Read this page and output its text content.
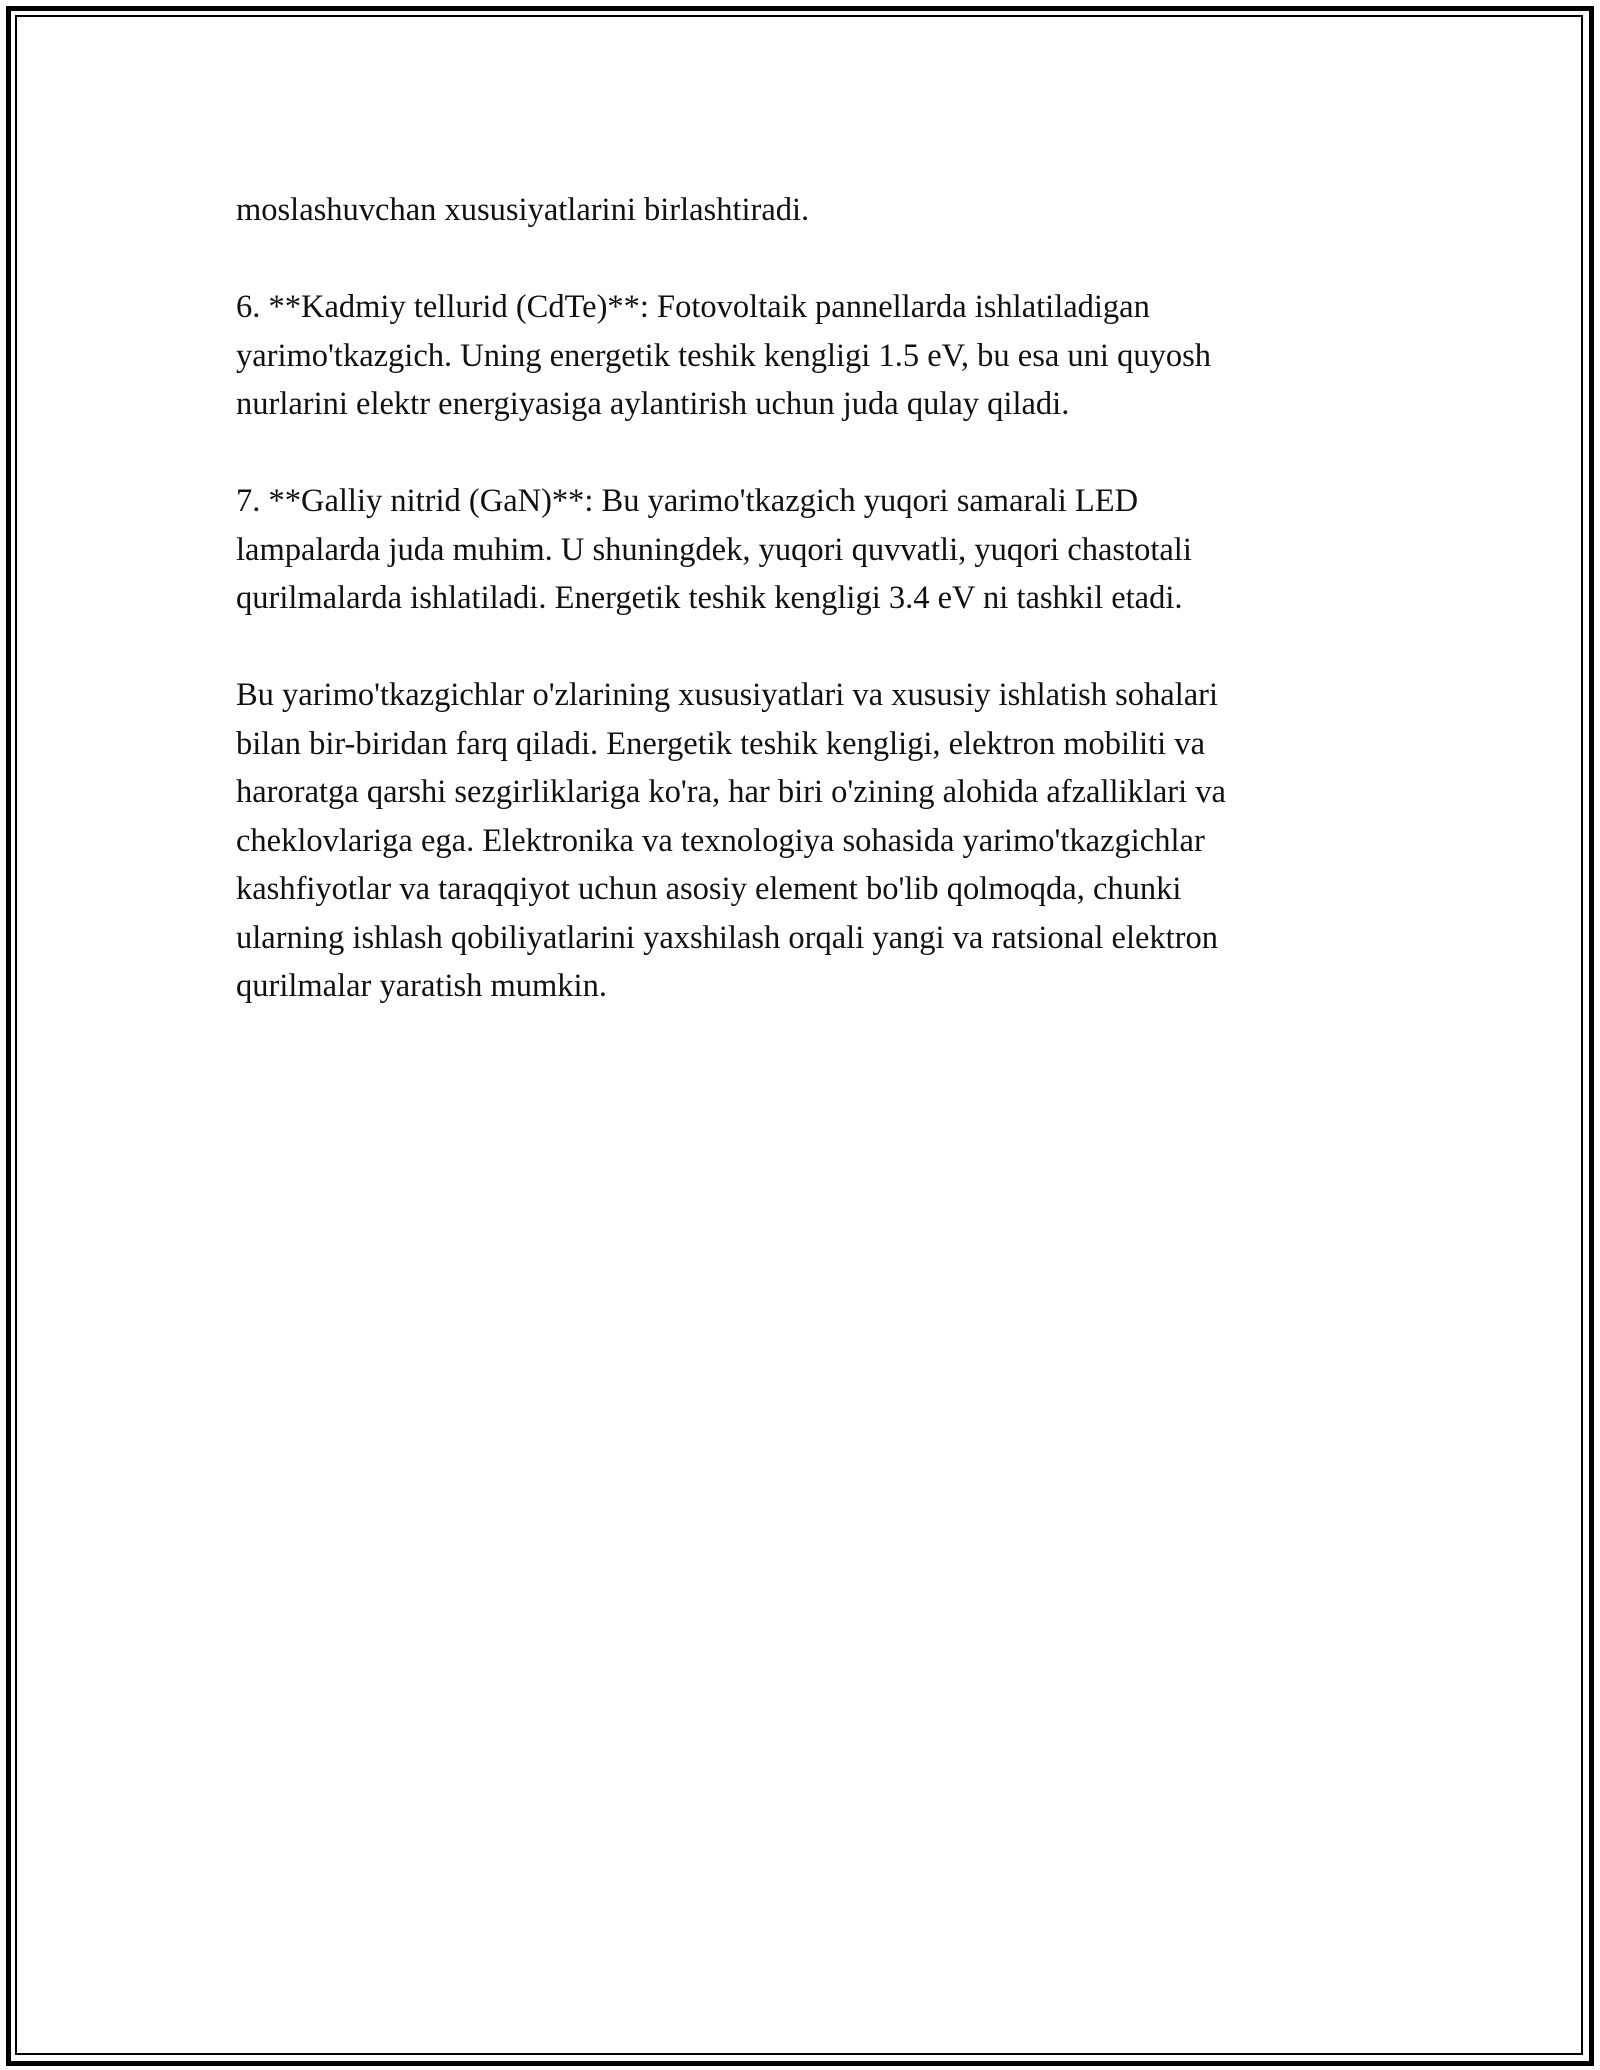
moslashuvchan xususiyatlarini birlashtiradi.

6. **Kadmiy tellurid (CdTe)**: Fotovoltaik pannellarda ishlatiladigan
yarimo'tkazgich. Uning energetik teshik kengligi 1.5 eV, bu esa uni quyosh
nurlarini elektr energiyasiga aylantirish uchun juda qulay qiladi.

7. **Galliy nitrid (GaN)**: Bu yarimo'tkazgich yuqori samarali LED
lampalarda juda muhim. U shuningdek, yuqori quvvatli, yuqori chastotali
qurilmalarda ishlatiladi. Energetik teshik kengligi 3.4 eV ni tashkil etadi.

Bu yarimo'tkazgichlar o'zlarining xususiyatlari va xususiy ishlatish sohalari
bilan bir-biridan farq qiladi. Energetik teshik kengligi, elektron mobiliti va
haroratga qarshi sezgirliklariga ko'ra, har biri o'zining alohida afzalliklari va
cheklovlariga ega. Elektronika va texnologiya sohasida yarimo'tkazgichlar
kashfiyotlar va taraqqiyot uchun asosiy element bo'lib qolmoqda, chunki
ularning ishlash qobiliyatlarini yaxshilash orqali yangi va ratsional elektron
qurilmalar yaratish mumkin.
